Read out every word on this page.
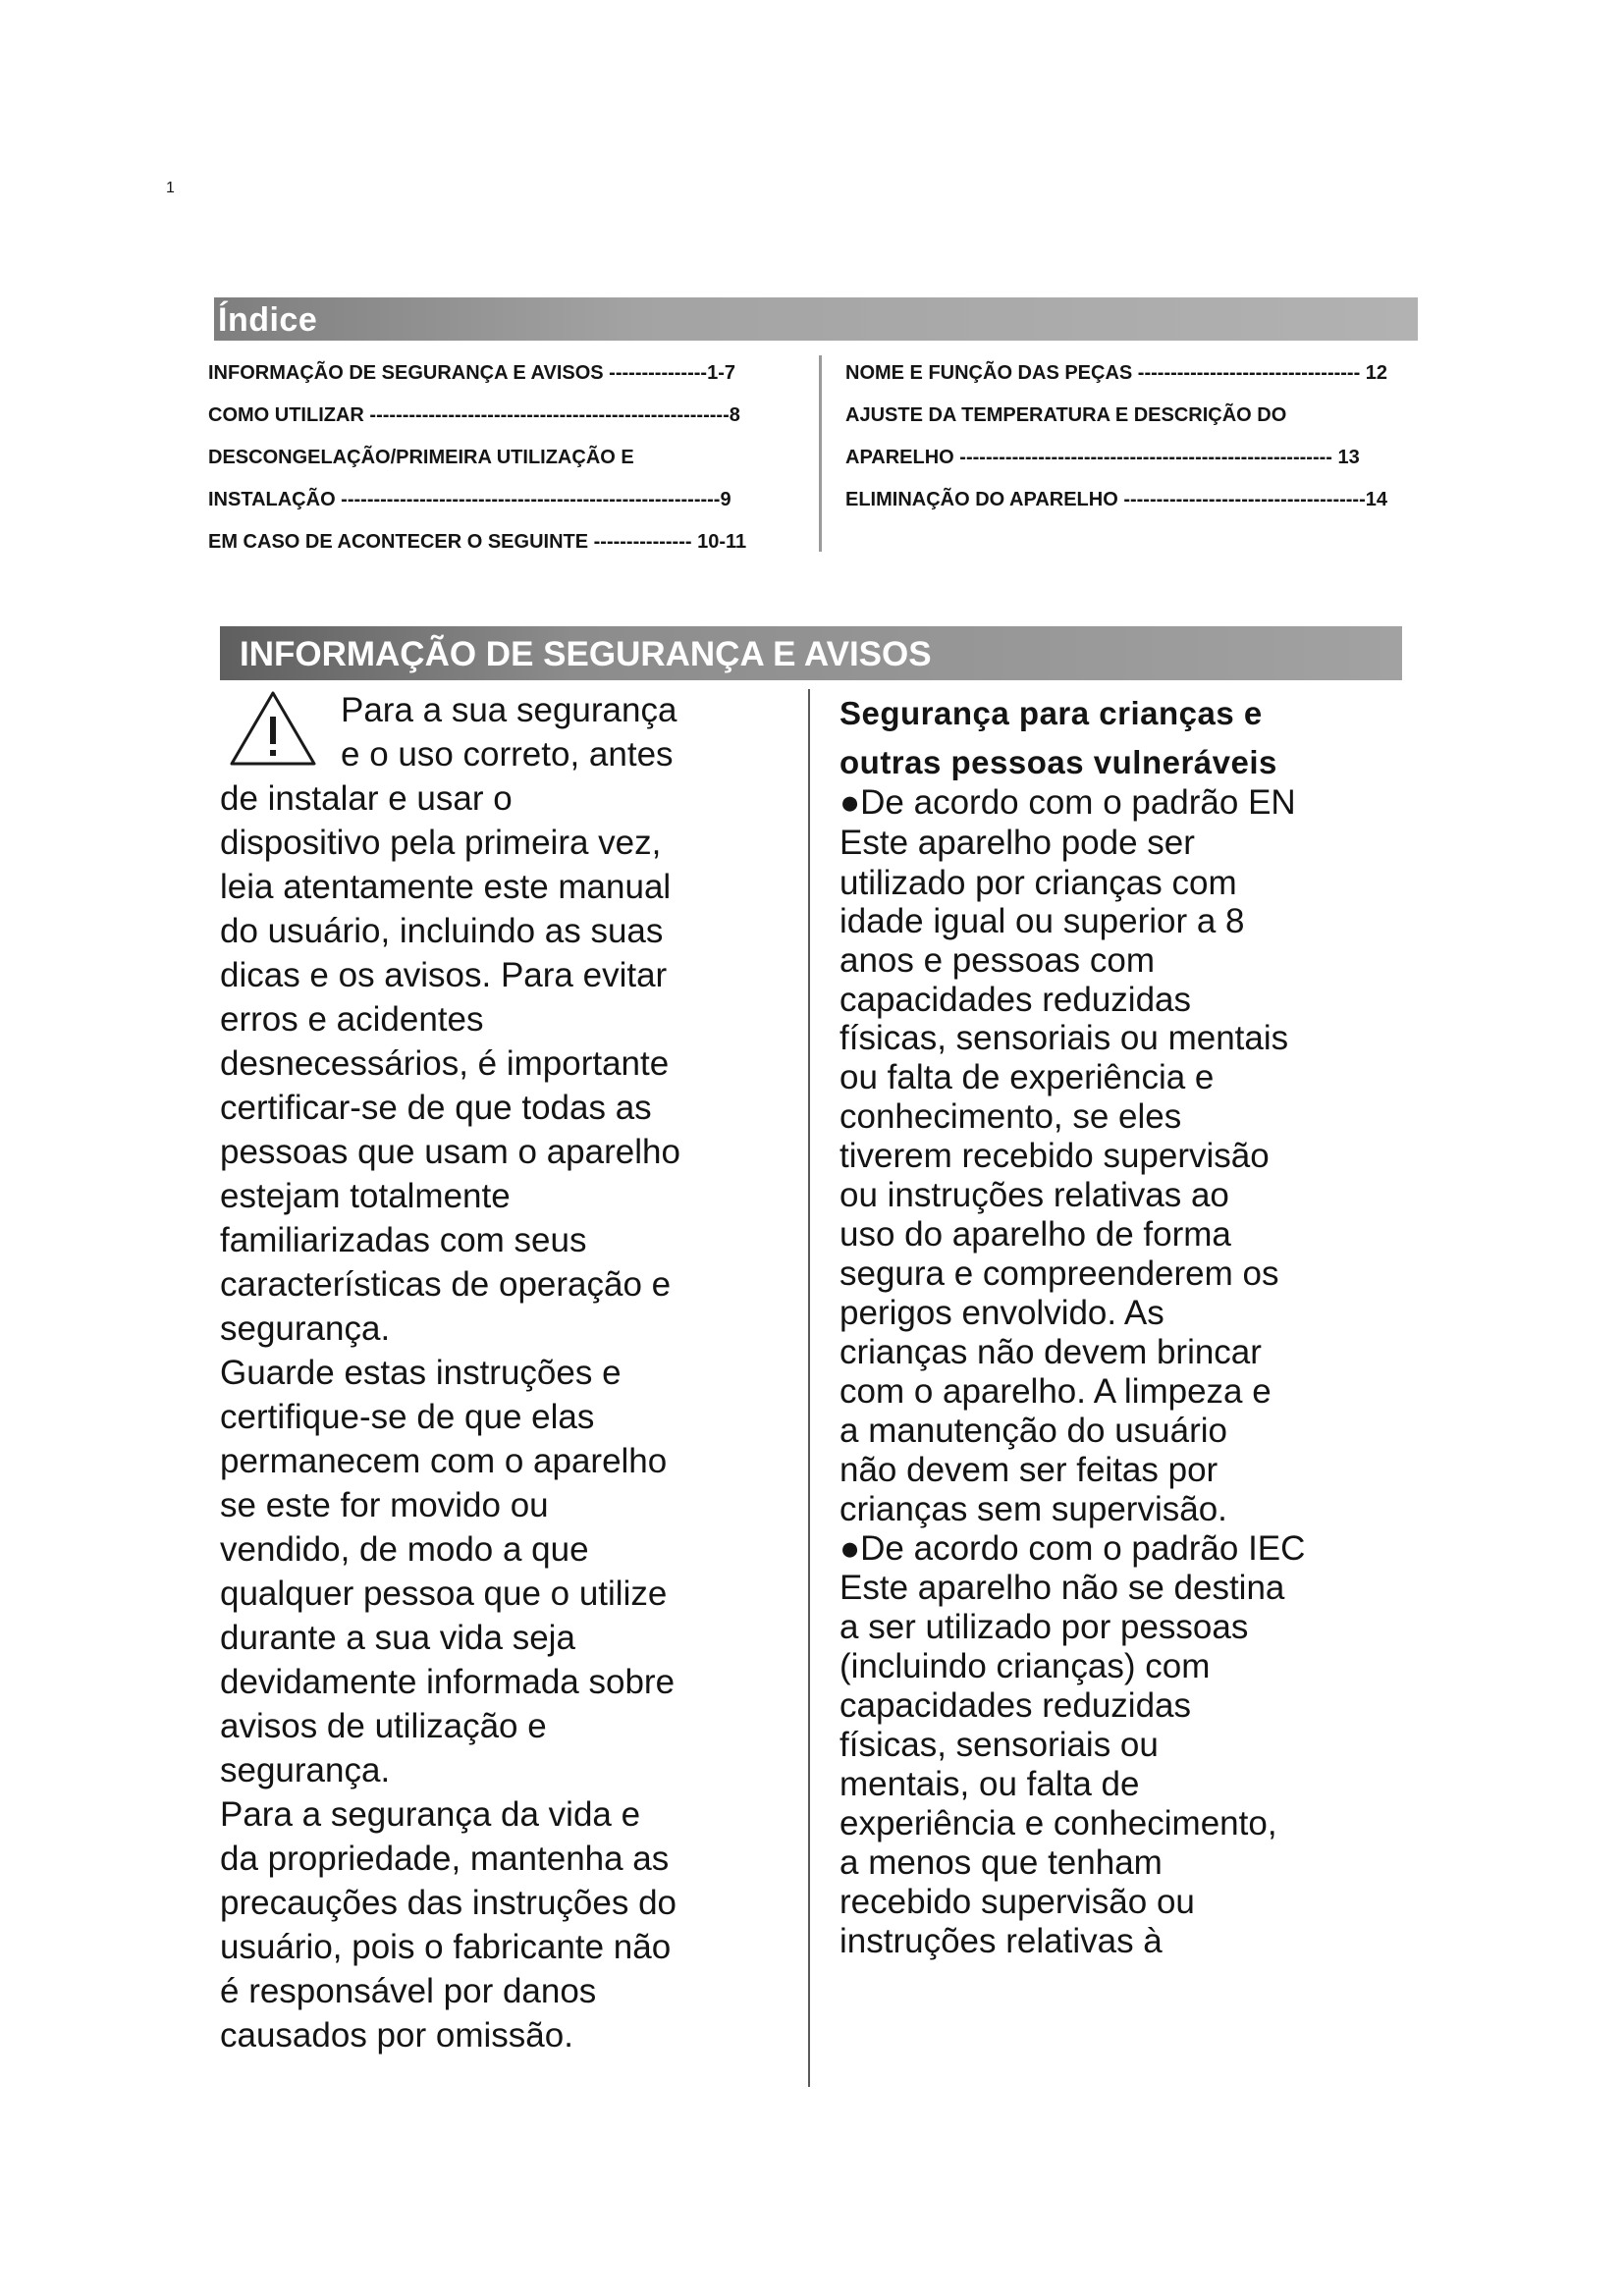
1
Índice
INFORMAÇÃO DE SEGURANÇA E AVISOS ---------------1-7
COMO UTILIZAR -------------------------------------------------------8
DESCONGELAÇÃO/PRIMEIRA UTILIZAÇÃO E
INSTALAÇÃO ----------------------------------------------------------9
EM CASO DE ACONTECER O SEGUINTE --------------- 10-11
NOME E FUNÇÃO DAS PEÇAS ---------------------------------- 12
AJUSTE DA TEMPERATURA E DESCRIÇÃO DO
APARELHO --------------------------------------------------------- 13
ELIMINAÇÃO DO APARELHO -------------------------------------14
INFORMAÇÃO DE SEGURANÇA E AVISOS
Para a sua segurança
e o uso correto, antes
de instalar e usar o
dispositivo pela primeira vez,
leia atentamente este manual
do usuário, incluindo as suas
dicas e os avisos. Para evitar
erros e acidentes
desnecessários, é importante
certificar-se de que todas as
pessoas que usam o aparelho
estejam totalmente
familiarizadas com seus
características de operação e
segurança.
Guarde estas instruções e
certifique-se de que elas
permanecem com o aparelho
se este for movido ou
vendido, de modo a que
qualquer pessoa que o utilize
durante a sua vida seja
devidamente informada sobre
avisos de utilização e
segurança.
Para a segurança da vida e
da propriedade, mantenha as
precauções das instruções do
usuário, pois o fabricante não
é responsável por danos
causados por omissão.
Segurança para crianças e
outras pessoas vulneráveis
●De acordo com o padrão EN
Este aparelho pode ser
utilizado por crianças com
idade igual ou superior a 8
anos e pessoas com
capacidades reduzidas
físicas, sensoriais ou mentais
ou falta de experiência e
conhecimento, se eles
tiverem recebido supervisão
ou instruções relativas ao
uso do aparelho de forma
segura e compreenderem os
perigos envolvido. As
crianças não devem brincar
com o aparelho. A limpeza e
a manutenção do usuário
não devem ser feitas por
crianças sem supervisão.
●De acordo com o padrão IEC
Este aparelho não se destina
a ser utilizado por pessoas
(incluindo crianças) com
capacidades reduzidas
físicas, sensoriais ou
mentais, ou falta de
experiência e conhecimento,
a menos que tenham
recebido supervisão ou
instruções relativas à
